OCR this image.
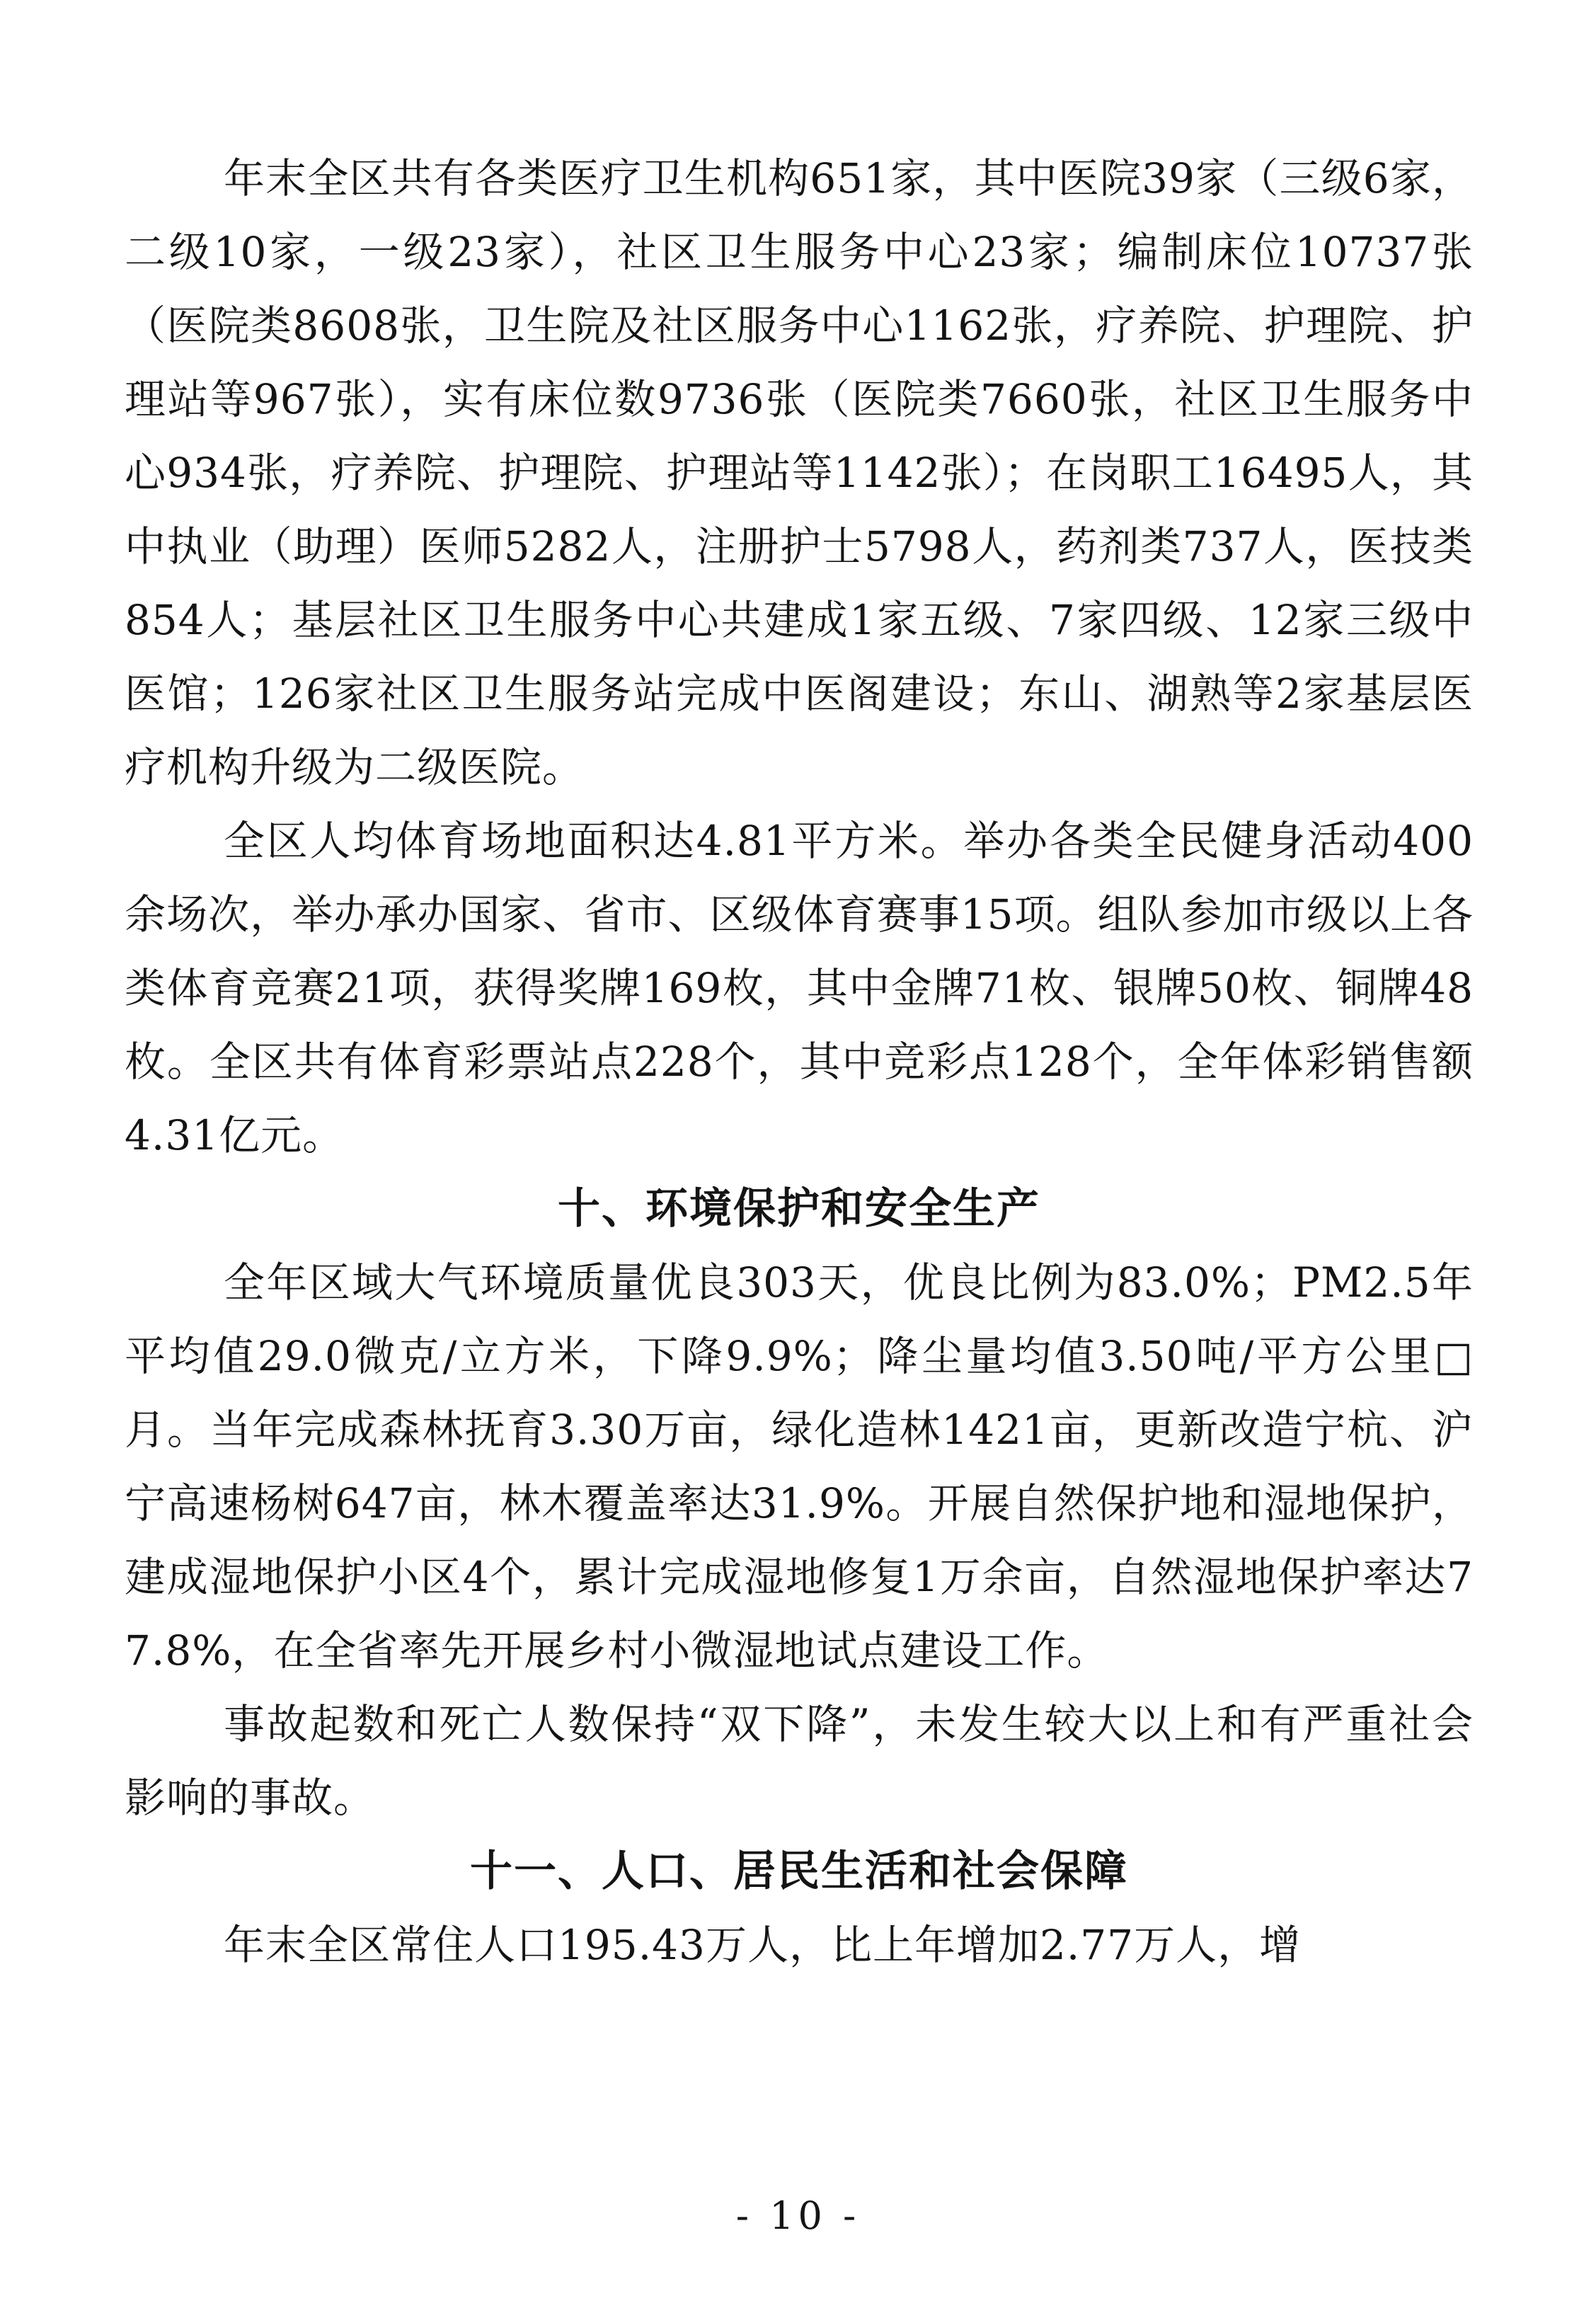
年末全区共有各类医疗卫生机构651家，其中医院39家（三级6家，二级10家，一级23家），社区卫生服务中心23家；编制床位10737张（医院类8608张，卫生院及社区服务中心1162张，疗养院、护理院、护理站等967张），实有床位数9736张（医院类7660张，社区卫生服务中心934张，疗养院、护理院、护理站等1142张）；在岗职工16495人，其中执业（助理）医师5282人，注册护士5798人，药剂类737人，医技类854人；基层社区卫生服务中心共建成1家五级、7家四级、12家三级中医馆；126家社区卫生服务站完成中医阁建设；东山、湖熟等2家基层医疗机构升级为二级医院。

全区人均体育场地面积达4.81平方米。举办各类全民健身活动400余场次，举办承办国家、省市、区级体育赛事15项。组队参加市级以上各类体育竞赛21项，获得奖牌169枚，其中金牌71枚、银牌50枚、铜牌48枚。全区共有体育彩票站点228个，其中竞彩点128个，全年体彩销售额4.31亿元。

十、环境保护和安全生产

全年区域大气环境质量优良303天，优良比例为83.0%；PM2.5年平均值29.0微克/立方米，下降9.9%；降尘量均值3.50吨/平方公里□月。当年完成森林抚育3.30万亩，绿化造林1421亩，更新改造宁杭、沪宁高速杨树647亩，林木覆盖率达31.9%。开展自然保护地和湿地保护，建成湿地保护小区4个，累计完成湿地修复1万余亩，自然湿地保护率达77.8%，在全省率先开展乡村小微湿地试点建设工作。

事故起数和死亡人数保持“双下降”，未发生较大以上和有严重社会影响的事故。

十一、人口、居民生活和社会保障

年末全区常住人口195.43万人，比上年增加2.77万人，增

- 10 -
